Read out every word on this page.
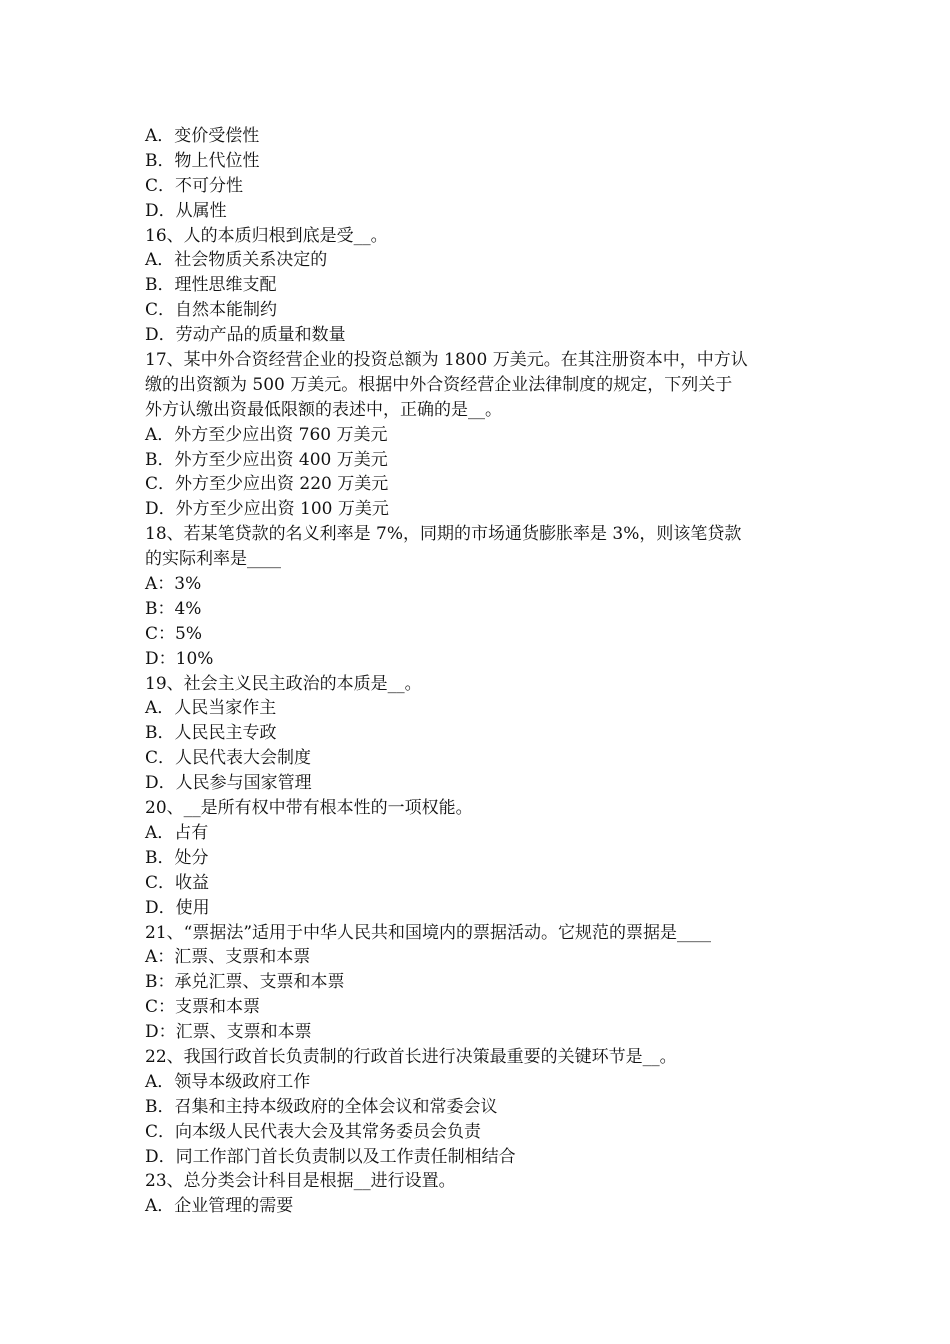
A．变价受偿性
B．物上代位性
C．不可分性
D．从属性
16、人的本质归根到底是受__。
A．社会物质关系决定的
B．理性思维支配
C．自然本能制约
D．劳动产品的质量和数量
17、某中外合资经营企业的投资总额为 1800 万美元。在其注册资本中，中方认
缴的出资额为 500 万美元。根据中外合资经营企业法律制度的规定，下列关于
外方认缴出资最低限额的表述中，正确的是__。
A．外方至少应出资 760 万美元
B．外方至少应出资 400 万美元
C．外方至少应出资 220 万美元
D．外方至少应出资 100 万美元
18、若某笔贷款的名义利率是 7%，同期的市场通货膨胀率是 3%，则该笔贷款
的实际利率是____
A：3%
B：4%
C：5%
D：10%
19、社会主义民主政治的本质是__。
A．人民当家作主
B．人民民主专政
C．人民代表大会制度
D．人民参与国家管理
20、__是所有权中带有根本性的一项权能。
A．占有
B．处分
C．收益
D．使用
21、“票据法”适用于中华人民共和国境内的票据活动。它规范的票据是____
A：汇票、支票和本票
B：承兑汇票、支票和本票
C：支票和本票
D：汇票、支票和本票
22、我国行政首长负责制的行政首长进行决策最重要的关键环节是__。
A．领导本级政府工作
B．召集和主持本级政府的全体会议和常委会议
C．向本级人民代表大会及其常务委员会负责
D．同工作部门首长负责制以及工作责任制相结合
23、总分类会计科目是根据__进行设置。
A．企业管理的需要
